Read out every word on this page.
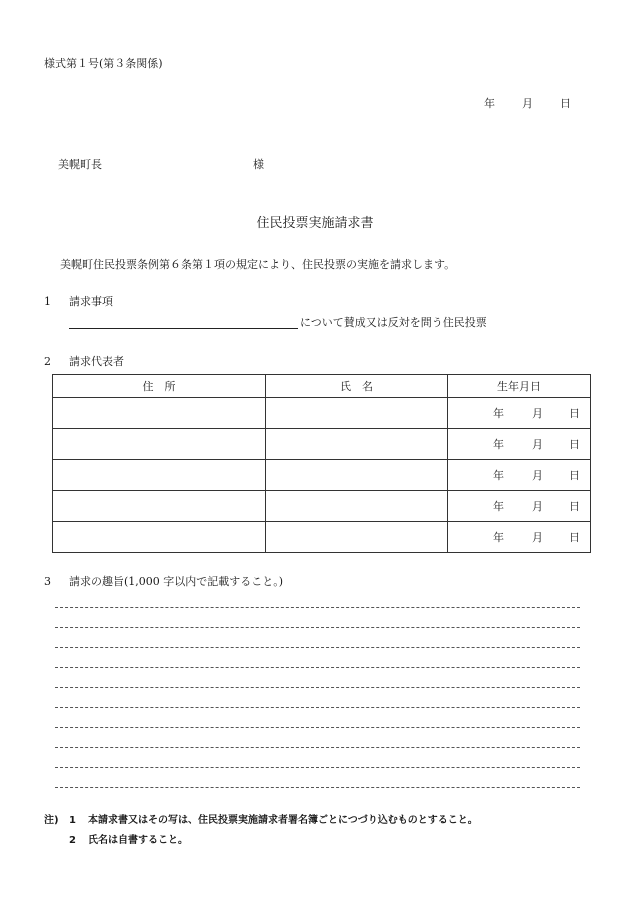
様式第１号(第３条関係)
年 月 日
美幌町長	様
住民投票実施請求書
美幌町住民投票条例第６条第１項の規定により、住民投票の実施を請求します。
1 請求事項
について賛成又は反対を問う住民投票
2 請求代表者
住　所	氏　名	生年月日

		年 月 日

		年 月 日

		年 月 日

		年 月 日

		年 月 日
3 請求の趣旨(1,000 字以内で記載すること。)
注) 1 本請求書又はその写は、住民投票実施請求者署名簿ごとにつづり込むものとすること。
2 氏名は自書すること。
